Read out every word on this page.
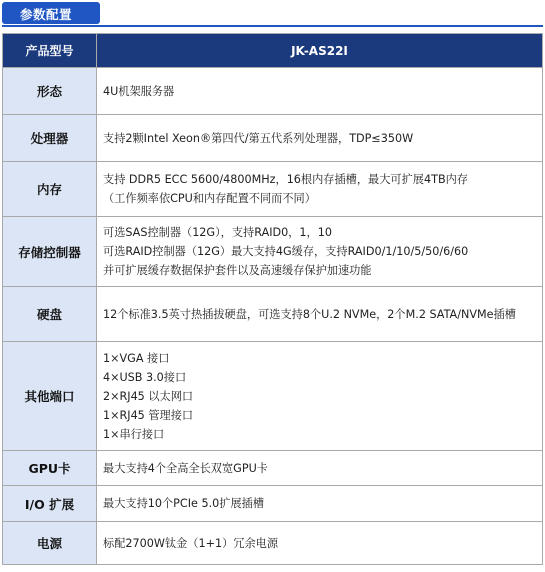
参数配置
产品型号	JK-AS22I
形态	4U机架服务器

处理器	支持2颗Intel Xeon®第四代/第五代系列处理器，TDP≤350W

内存	支持 DDR5 ECC 5600/4800MHz，16根内存插槽，最大可扩展4TB内存
（工作频率依CPU和内存配置不同而不同）

存储控制器	可选SAS控制器（12G），支持RAID0，1，10
可选RAID控制器（12G）最大支持4G缓存，支持RAID0/1/10/5/50/6/60
并可扩展缓存数据保护套件以及高速缓存保护加速功能

硬盘	12个标准3.5英寸热插拔硬盘，可选支持8个U.2 NVMe，2个M.2 SATA/NVMe插槽

其他端口	1×VGA 接口
4×USB 3.0接口
2×RJ45 以太网口
1×RJ45 管理接口
1×串行接口

GPU卡	最大支持4个全高全长双宽GPU卡

I/O 扩展	最大支持10个PCIe 5.0扩展插槽

电源	标配2700W钛金（1+1）冗余电源
